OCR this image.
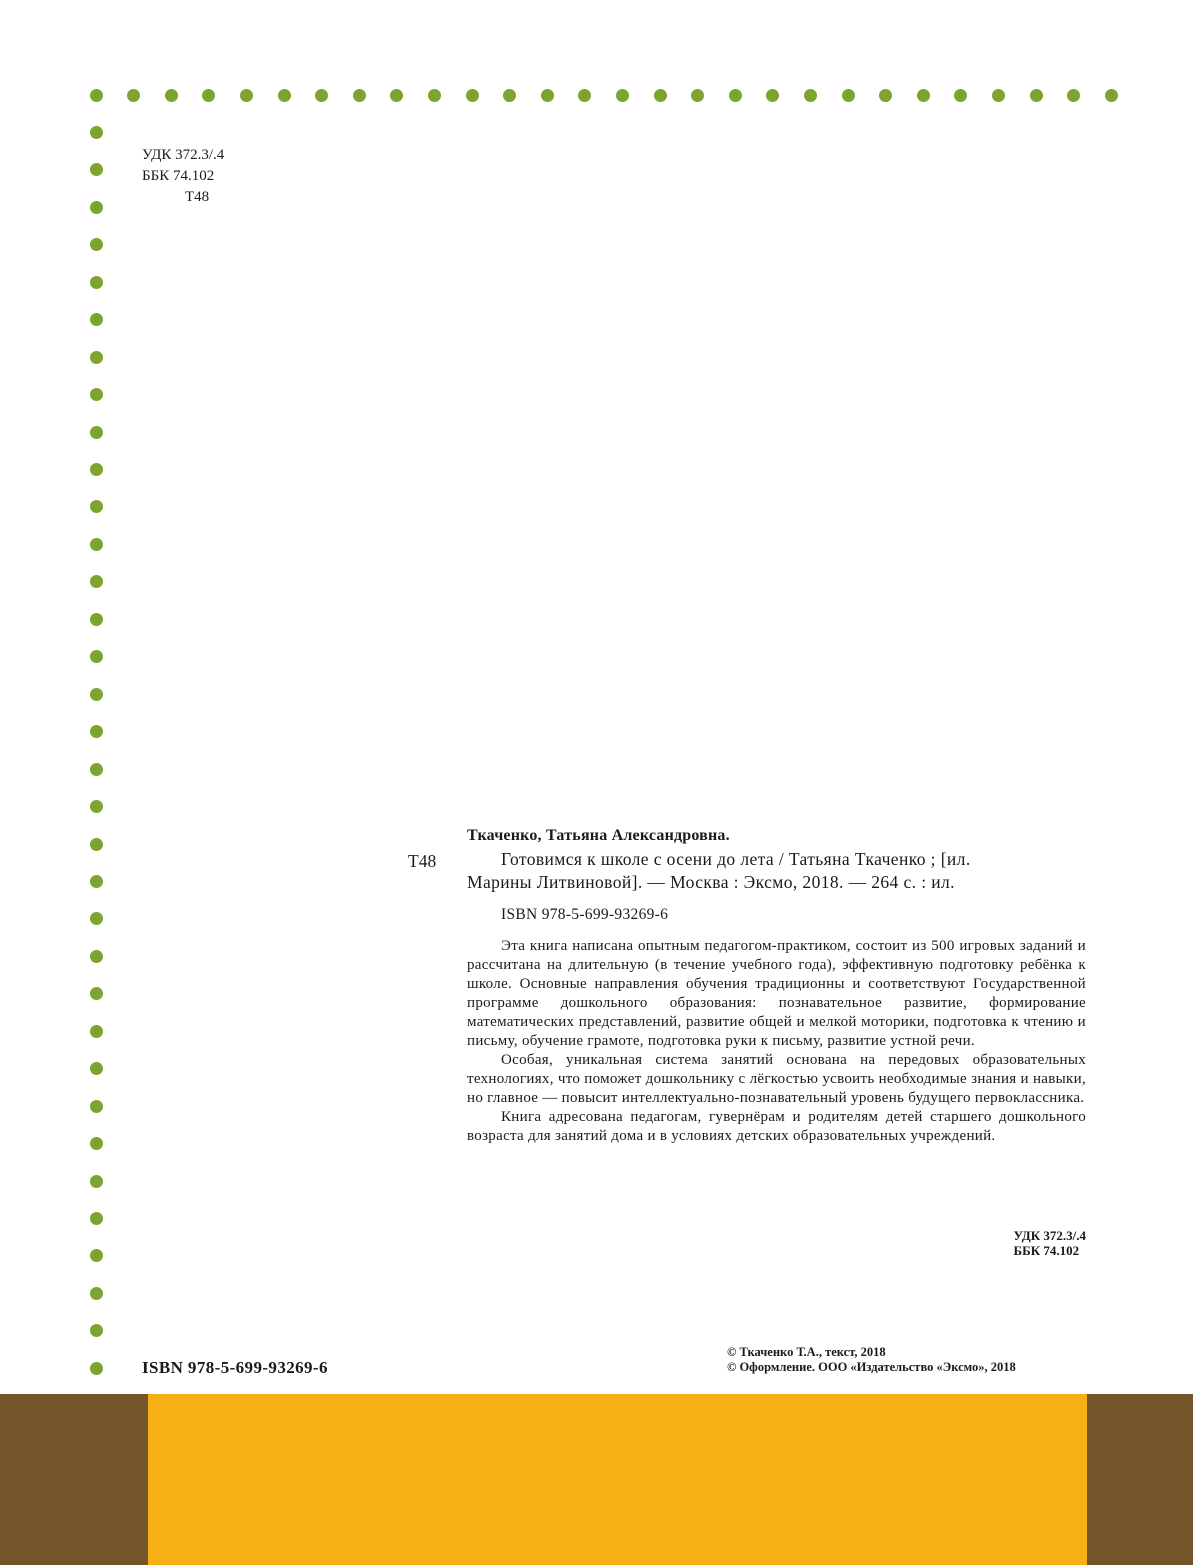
УДК 372.3/.4
ББК 74.102
Т48
Т48
Ткаченко, Татьяна Александровна.
Готовимся к школе с осени до лета / Татьяна Ткаченко ; [ил.
Марины Литвиновой]. — Москва : Эксмо, 2018. — 264 с. : ил.
ISBN 978-5-699-93269-6

Эта книга написана опытным педагогом-практиком, состоит из 500 игровых заданий и рассчитана на длительную (в течение учебного года), эффективную подготовку ребёнка к школе. Основные направления обучения традиционны и соответствуют Государственной программе дошкольного образования: познавательное развитие, формирование математических представлений, развитие общей и мелкой моторики, подготовка к чтению и письму, обучение грамоте, подготовка руки к письму, развитие устной речи.

Особая, уникальная система занятий основана на передовых образовательных технологиях, что поможет дошкольнику с лёгкостью усвоить необходимые знания и навыки, но главное — повысит интеллектуально-познавательный уровень будущего первоклассника.

Книга адресована педагогам, гувернёрам и родителям детей старшего дошкольного возраста для занятий дома и в условиях детских образовательных учреждений.

УДК 372.3/.4
ББК 74.102
ISBN 978-5-699-93269-6
© Ткаченко Т.А., текст, 2018
© Оформление. ООО «Издательство «Эксмо», 2018
